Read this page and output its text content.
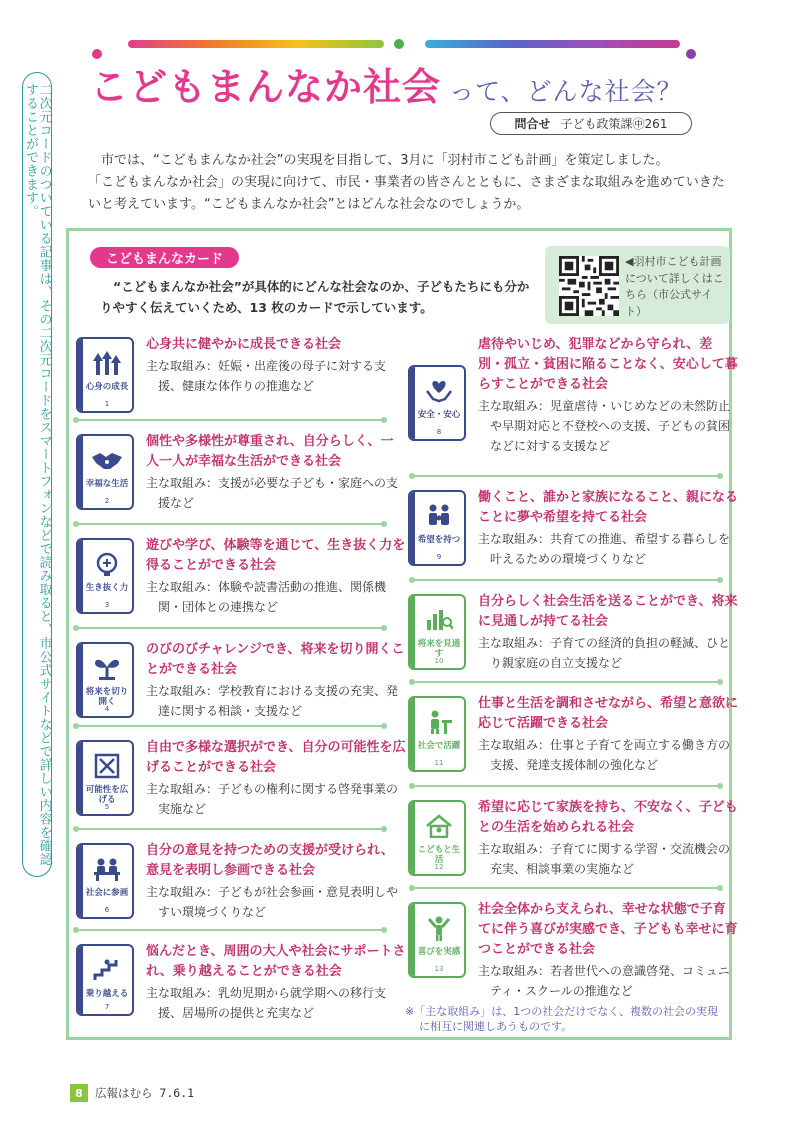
二次元コードのついている記事は、その二次元コードをスマートフォンなどで読み取ると、市公式サイトなどで詳しい内容を確認することができます。	こどもまんなか社会 って、どんな社会？
問合せ 子ども政策課㊥261

市では、“こどもまんなか社会”の実現を目指して、3月に「羽村市こども計画」を策定しました。

「こどもまんなか社会」の実現に向けて、市民・事業者の皆さんとともに、さまざまな取組みを進めていきたいと考えています。“こどもまんなか社会”とはどんな社会なのでしょうか。

こどもまんなカード

“こどもまんなか社会”が具体的にどんな社会なのか、子どもたちにも分かりやすく伝えていくため、13 枚のカードで示しています。

◀羽村市こども計画について詳しくはこちら（市公式サイト）
心身の成長
1
心身共に健やかに成長できる社会
主な取組み：妊娠・出産後の母子に対する支援、健康な体作りの推進など
幸福な生活
2
個性や多様性が尊重され、自分らしく、一人一人が幸福な生活ができる社会
主な取組み：支援が必要な子ども・家庭への支援など
生き抜く力
3
遊びや学び、体験等を通じて、生き抜く力を得ることができる社会
主な取組み：体験や読書活動の推進、関係機関・団体との連携など
将来を切り開く
4
のびのびチャレンジでき、将来を切り開くことができる社会
主な取組み：学校教育における支援の充実、発達に関する相談・支援など
可能性を広げる
5
自由で多様な選択ができ、自分の可能性を広げることができる社会
主な取組み：子どもの権利に関する啓発事業の実施など
社会に参画
6
自分の意見を持つための支援が受けられ、意見を表明し参画できる社会
主な取組み：子どもが社会参画・意見表明しやすい環境づくりなど
乗り越える
7
悩んだとき、周囲の大人や社会にサポートされ、乗り越えることができる社会
主な取組み：乳幼児期から就学期への移行支援、居場所の提供と充実など
安全・安心
8
虐待やいじめ、犯罪などから守られ、差別・孤立・貧困に陥ることなく、安心して暮らすことができる社会
主な取組み：児童虐待・いじめなどの未然防止や早期対応と不登校への支援、子どもの貧困などに対する支援など
希望を持つ
9
働くこと、誰かと家族になること、親になることに夢や希望を持てる社会
主な取組み：共育ての推進、希望する暮らしを叶えるための環境づくりなど
将来を見通す
10
自分らしく社会生活を送ることができ、将来に見通しが持てる社会
主な取組み：子育ての経済的負担の軽減、ひとり親家庭の自立支援など
社会で活躍
11
仕事と生活を調和させながら、希望と意欲に応じて活躍できる社会
主な取組み：仕事と子育てを両立する働き方の支援、発達支援体制の強化など
こどもと生活
12
希望に応じて家族を持ち、不安なく、子どもとの生活を始められる社会
主な取組み：子育てに関する学習・交流機会の充実、相談事業の実施など
喜びを実感
13
社会全体から支えられ、幸せな状態で子育てに伴う喜びが実感でき、子どもも幸せに育つことができる社会
主な取組み：若者世代への意識啓発、コミュニティ・スクールの推進など
※「主な取組み」は、1つの社会だけでなく、複数の社会の実現に相互に関連しあうものです。
8	広報はむら 7.6.1
